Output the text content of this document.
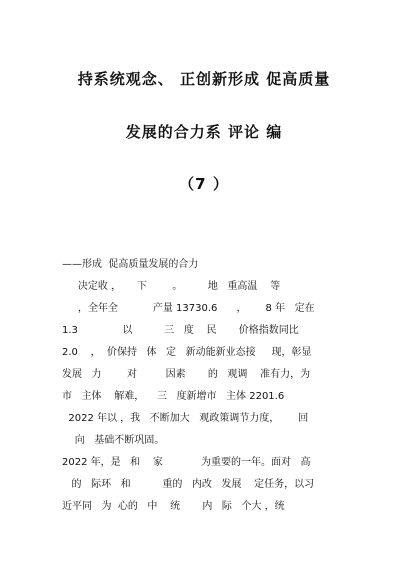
持系统观念、 正创新形成 促高质量
发展的合力系 评论 编
（7 ）
——形成  促高质量发展的合力
决定收 ，     下        。        地   重高温    等
，全年全           产量 13730.6      ，      8 年   定在
1.3              以          三   度    民       价格指数同比
2.0    ，  价保持   体   定   新动能新业态接     现，彰显
发展   力        对         因素       的   观调    准有力，为
市   主体    解难，    三   度新增市   主体 2201.6
2022 年以 ，我   不断加大   观政策调节力度，      回
向   基础不断巩固。
2022 年，是   和    家            为重要的一年。面对   高
的   际环   和          重的   内改   发展    定任务，以习
近平同   为  心的   中    统       内   际   个大 ，统
